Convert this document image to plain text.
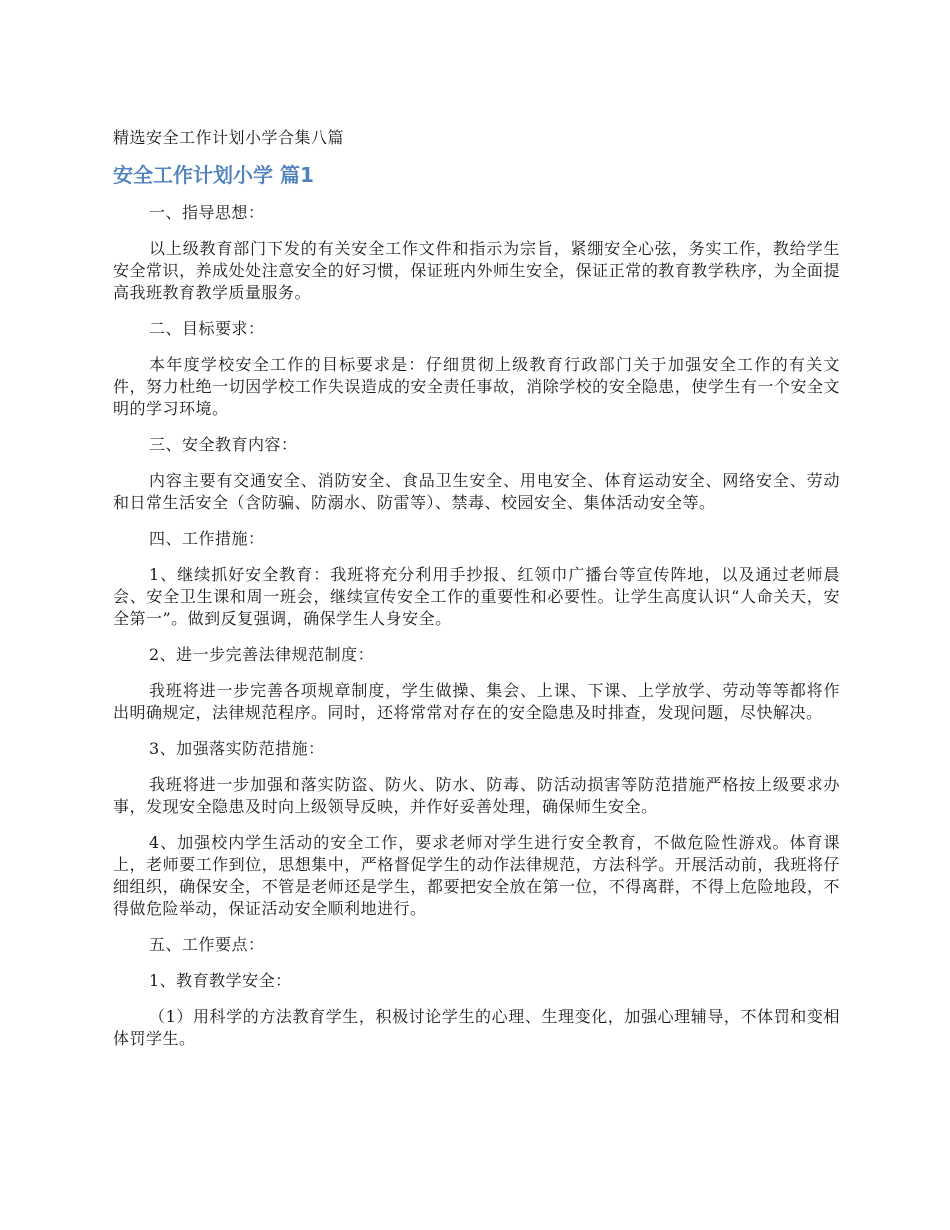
精选安全工作计划小学合集八篇
安全工作计划小学 篇1

一、指导思想：

以上级教育部门下发的有关安全工作文件和指示为宗旨，紧绷安全心弦，务实工作，教给学生安全常识，养成处处注意安全的好习惯，保证班内外师生安全，保证正常的教育教学秩序，为全面提高我班教育教学质量服务。

二、目标要求：

本年度学校安全工作的目标要求是：仔细贯彻上级教育行政部门关于加强安全工作的有关文件，努力杜绝一切因学校工作失误造成的安全责任事故，消除学校的安全隐患，使学生有一个安全文明的学习环境。

三、安全教育内容：

内容主要有交通安全、消防安全、食品卫生安全、用电安全、体育运动安全、网络安全、劳动和日常生活安全（含防骗、防溺水、防雷等）、禁毒、校园安全、集体活动安全等。

四、工作措施：

1、继续抓好安全教育：我班将充分利用手抄报、红领巾广播台等宣传阵地，以及通过老师晨会、安全卫生课和周一班会，继续宣传安全工作的重要性和必要性。让学生高度认识“人命关天，安全第一”。做到反复强调，确保学生人身安全。

2、进一步完善法律规范制度：

我班将进一步完善各项规章制度，学生做操、集会、上课、下课、上学放学、劳动等等都将作出明确规定，法律规范程序。同时，还将常常对存在的安全隐患及时排查，发现问题，尽快解决。

3、加强落实防范措施：

我班将进一步加强和落实防盗、防火、防水、防毒、防活动损害等防范措施严格按上级要求办事，发现安全隐患及时向上级领导反映，并作好妥善处理，确保师生安全。

4、加强校内学生活动的安全工作，要求老师对学生进行安全教育，不做危险性游戏。体育课上，老师要工作到位，思想集中，严格督促学生的动作法律规范，方法科学。开展活动前，我班将仔细组织，确保安全，不管是老师还是学生，都要把安全放在第一位，不得离群，不得上危险地段，不得做危险举动，保证活动安全顺利地进行。

五、工作要点：

1、教育教学安全：

（1）用科学的方法教育学生，积极讨论学生的心理、生理变化，加强心理辅导，不体罚和变相体罚学生。
